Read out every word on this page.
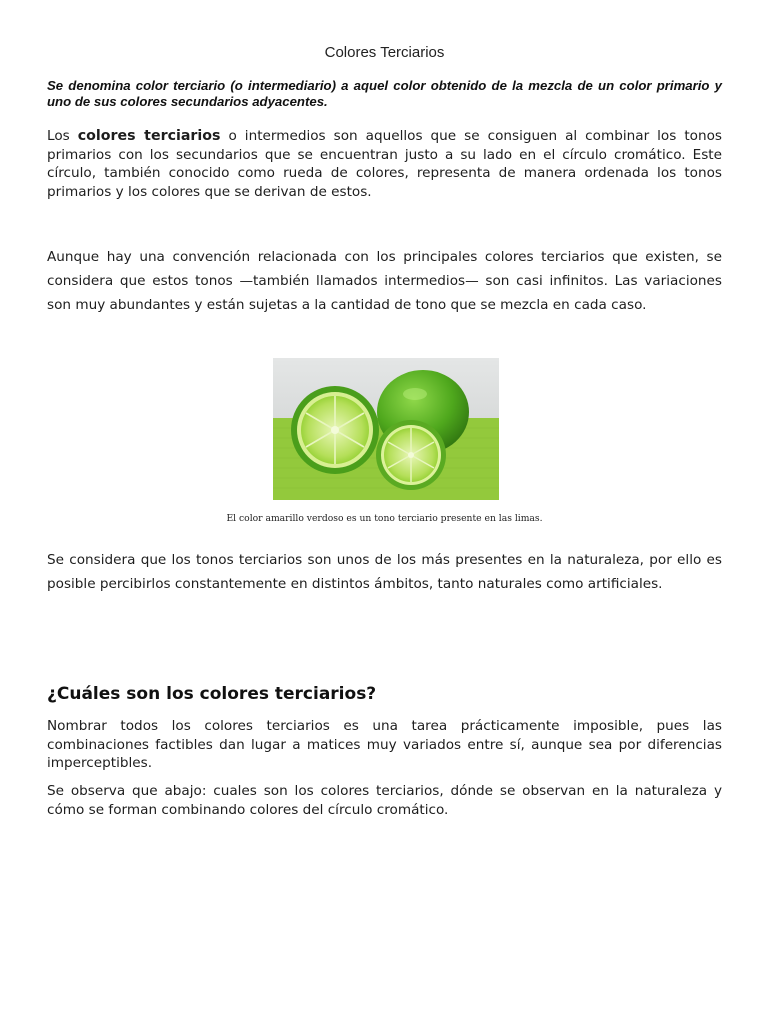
Colores Terciarios
Se denomina color terciario (o intermediario) a aquel color obtenido de la mezcla de un color primario y uno de sus colores secundarios adyacentes.
Los colores terciarios o intermedios son aquellos que se consiguen al combinar los tonos primarios con los secundarios que se encuentran justo a su lado en el círculo cromático. Este círculo, también conocido como rueda de colores, representa de manera ordenada los tonos primarios y los colores que se derivan de estos.
Aunque hay una convención relacionada con los principales colores terciarios que existen, se considera que estos tonos —también llamados intermedios— son casi infinitos. Las variaciones son muy abundantes y están sujetas a la cantidad de tono que se mezcla en cada caso.
El color amarillo verdoso es un tono terciario presente en las limas.
Se considera que los tonos terciarios son unos de los más presentes en la naturaleza, por ello es posible percibirlos constantemente en distintos ámbitos, tanto naturales como artificiales.
¿Cuáles son los colores terciarios?
Nombrar todos los colores terciarios es una tarea prácticamente imposible, pues las combinaciones factibles dan lugar a matices muy variados entre sí, aunque sea por diferencias imperceptibles.
Se observa que abajo: cuales son los colores terciarios, dónde se observan en la naturaleza y cómo se forman combinando colores del círculo cromático.
